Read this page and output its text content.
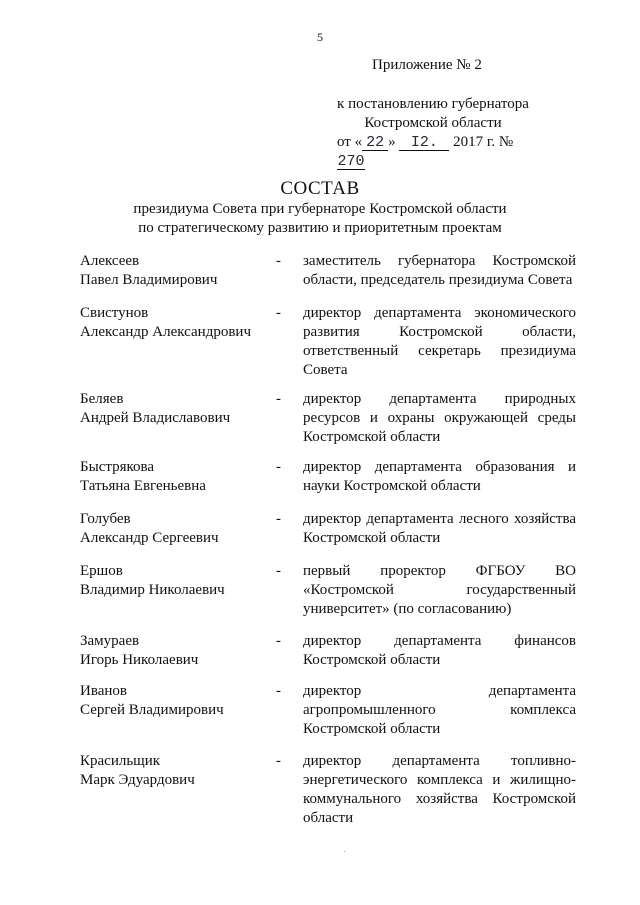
5
Приложение № 2
к постановлению губернатора
Костромской области
от « 22 » I2. 2017 г. №270
СОСТАВ
президиума Совета при губернаторе Костромской области
по стратегическому развитию и приоритетным проектам
Алексеев
Павел Владимирович
- заместитель губернатора Костромской области, председатель президиума Совета
Свистунов
Александр Александрович
- директор департамента экономического развития Костромской области, ответственный секретарь президиума Совета
Беляев
Андрей Владиславович
- директор департамента природных ресурсов и охраны окружающей среды Костромской области
Быстрякова
Татьяна Евгеньевна
- директор департамента образования и науки Костромской области
Голубев
Александр Сергеевич
- директор департамента лесного хозяйства Костромской области
Ершов
Владимир Николаевич
- первый проректор ФГБОУ ВО «Костромской государственный университет» (по согласованию)
Замураев
Игорь Николаевич
- директор департамента финансов Костромской области
Иванов
Сергей Владимирович
- директор департамента агропромышленного комплекса Костромской области
Красильщик
Марк Эдуардович
- директор департамента топливно-энергетического комплекса и жилищно-коммунального хозяйства Костромской области
